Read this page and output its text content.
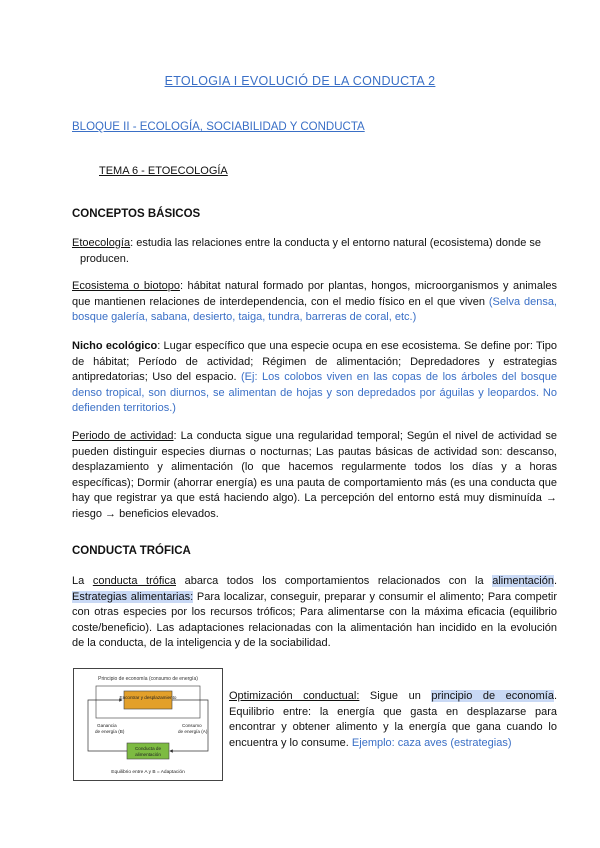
ETOLOGIA I EVOLUCIÓ DE LA CONDUCTA 2
BLOQUE II - ECOLOGÍA, SOCIABILIDAD Y CONDUCTA
TEMA 6 - ETOECOLOGÍA
CONCEPTOS BÁSICOS
Etoecología: estudia las relaciones entre la conducta y el entorno natural (ecosistema) donde se
producen.
Ecosistema o biotopo: hábitat natural formado por plantas, hongos, microorganismos y animales que mantienen relaciones de interdependencia, con el medio físico en el que viven (Selva densa, bosque galería, sabana, desierto, taiga, tundra, barreras de coral, etc.)
Nicho ecológico: Lugar específico que una especie ocupa en ese ecosistema. Se define por: Tipo de hábitat; Período de actividad; Régimen de alimentación; Depredadores y estrategias antipredatorias; Uso del espacio. (Ej: Los colobos viven en las copas de los árboles del bosque denso tropical, son diurnos, se alimentan de hojas y son depredados por águilas y leopardos. No defienden territorios.)
Periodo de actividad: La conducta sigue una regularidad temporal; Según el nivel de actividad se pueden distinguir especies diurnas o nocturnas; Las pautas básicas de actividad son: descanso, desplazamiento y alimentación (lo que hacemos regularmente todos los días y a horas específicas); Dormir (ahorrar energía) es una pauta de comportamiento más (es una conducta que hay que registrar ya que está haciendo algo). La percepción del entorno está muy disminuída → riesgo → beneficios elevados.
CONDUCTA TRÓFICA
La conducta trófica abarca todos los comportamientos relacionados con la alimentación. Estrategias alimentarias: Para localizar, conseguir, preparar y consumir el alimento; Para competir con otras especies por los recursos tróficos; Para alimentarse con la máxima eficacia (equilibrio coste/beneficio). Las adaptaciones relacionadas con la alimentación han incidido en la evolución de la conducta, de la inteligencia y de la sociabilidad.
Principio de economía (consumo de energía)
Encontrar y desplazamiento
Ganancia
de energía (B)
Consumo
de energía (A)
Conducta de
alimentación
Equilibrio entre A y B = Adaptación
Optimización conductual: Sigue un principio de economía. Equilibrio entre: la energía que gasta en desplazarse para encontrar y obtener alimento y la energía que gana cuando lo encuentra y lo consume. Ejemplo: caza aves (estrategias)
